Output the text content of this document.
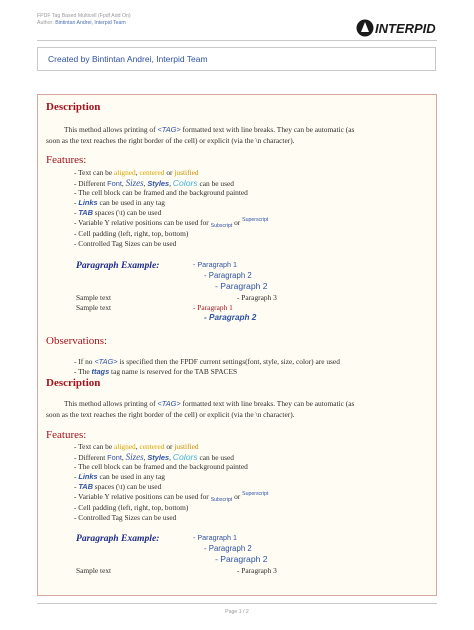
FPDF Tag Based Multicell (Fpdf Add On)
Author: Bintintan Andrei, Interpid Team	INTERPID
Created by Bintintan Andrei, Interpid Team
Description
This method allows printing of <TAG> formatted text with line breaks. They can be automatic (as
soon as the text reaches the right border of the cell) or explicit (via the \n character).
Features:
- Text can be aligned, centered or justified
- Different Font, Sizes, Styles, Colors can be used
- The cell block can be framed and the background painted
- Links can be used in any tag
- TAB spaces (\t) can be used
- Variable Y relative positions can be used for $_{Subscript}$ or $^{Superscript}$
- Cell padding (left, right, top, bottom)
- Controlled Tag Sizes can be used
Paragraph Example:	- Paragraph 1
- Paragraph 2
- Paragraph 2
Sample text	- Paragraph 3
Sample text	- Paragraph 1
- Paragraph 2
Observations:
- If no <TAG> is specified then the FPDF current settings(font, style, size, color) are used
- The ttags tag name is reserved for the TAB SPACES
Description
This method allows printing of <TAG> formatted text with line breaks. They can be automatic (as
soon as the text reaches the right border of the cell) or explicit (via the \n character).
Features:
- Text can be aligned, centered or justified
- Different Font, Sizes, Styles, Colors can be used
- The cell block can be framed and the background painted
- Links can be used in any tag
- TAB spaces (\t) can be used
- Variable Y relative positions can be used for $_{Subscript}$ or $^{Superscript}$
- Cell padding (left, right, top, bottom)
- Controlled Tag Sizes can be used
Paragraph Example:	- Paragraph 1
- Paragraph 2
- Paragraph 2
Sample text	- Paragraph 3
Page 1 / 2
